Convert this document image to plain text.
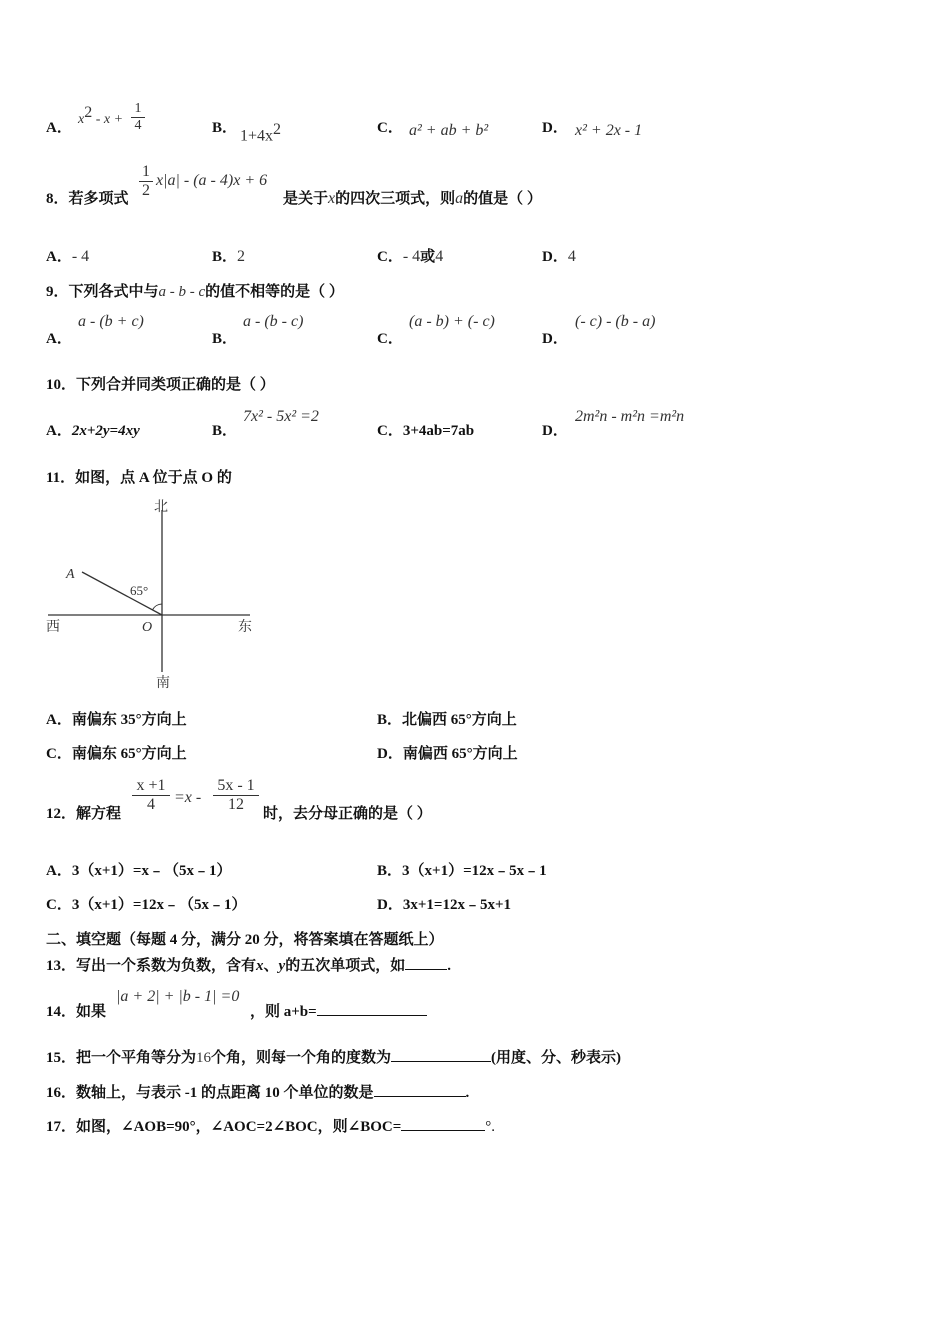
A．
$x^2 - x + \frac{1}{4}$	B． $1+4x^2$	C． a² + ab + b²	D． x² + 2x - 1
8．若多项式 $\frac{1}{2} x|a| - (a - 4)x + 6$
是关于x的四次三项式，则a的值是（ ）
A．- 4	B．2	C．- 4或4	D．4
9．下列各式中与a - b - c的值不相等的是（ ）
A．
a - (b + c)
B．
a - (b - c)
C．
(a - b) + (- c)
D．
(- c) - (b - a)
10．下列合并同类项正确的是（ ）
A．2x+2y=4xy	B．
7x² - 5x² =2
C．3+4ab=7ab	D．
2m²n - m²n =m²n
11．如图，点 A 位于点 O 的
北
南
西	东
A
O
65°
A．南偏东 35°方向上	B．北偏西 65°方向上
C．南偏东 65°方向上	D．南偏西 65°方向上
12．解方程 $\frac{x +1}{4} =x - \frac{5x - 1}{12}$ 时，去分母正确的是（ ）
A．3（x+1）=x﹣（5x﹣1）	B．3（x+1）=12x﹣5x﹣1
C．3（x+1）=12x﹣（5x﹣1）	D．3x+1=12x﹣5x+1
二、填空题（每题 4 分，满分 20 分，将答案填在答题纸上）
13．写出一个系数为负数，含有x、y的五次单项式，如	.
14．如果
|a + 2| + |b - 1| =0
，则 a+b=
15．把一个平角等分为16个角，则每一个角的度数为	(用度、分、秒表示)
16．数轴上，与表示 -1 的点距离 10 个单位的数是	.
17．如图，∠AOB=90°，∠AOC=2∠BOC，则∠BOC=	°.
